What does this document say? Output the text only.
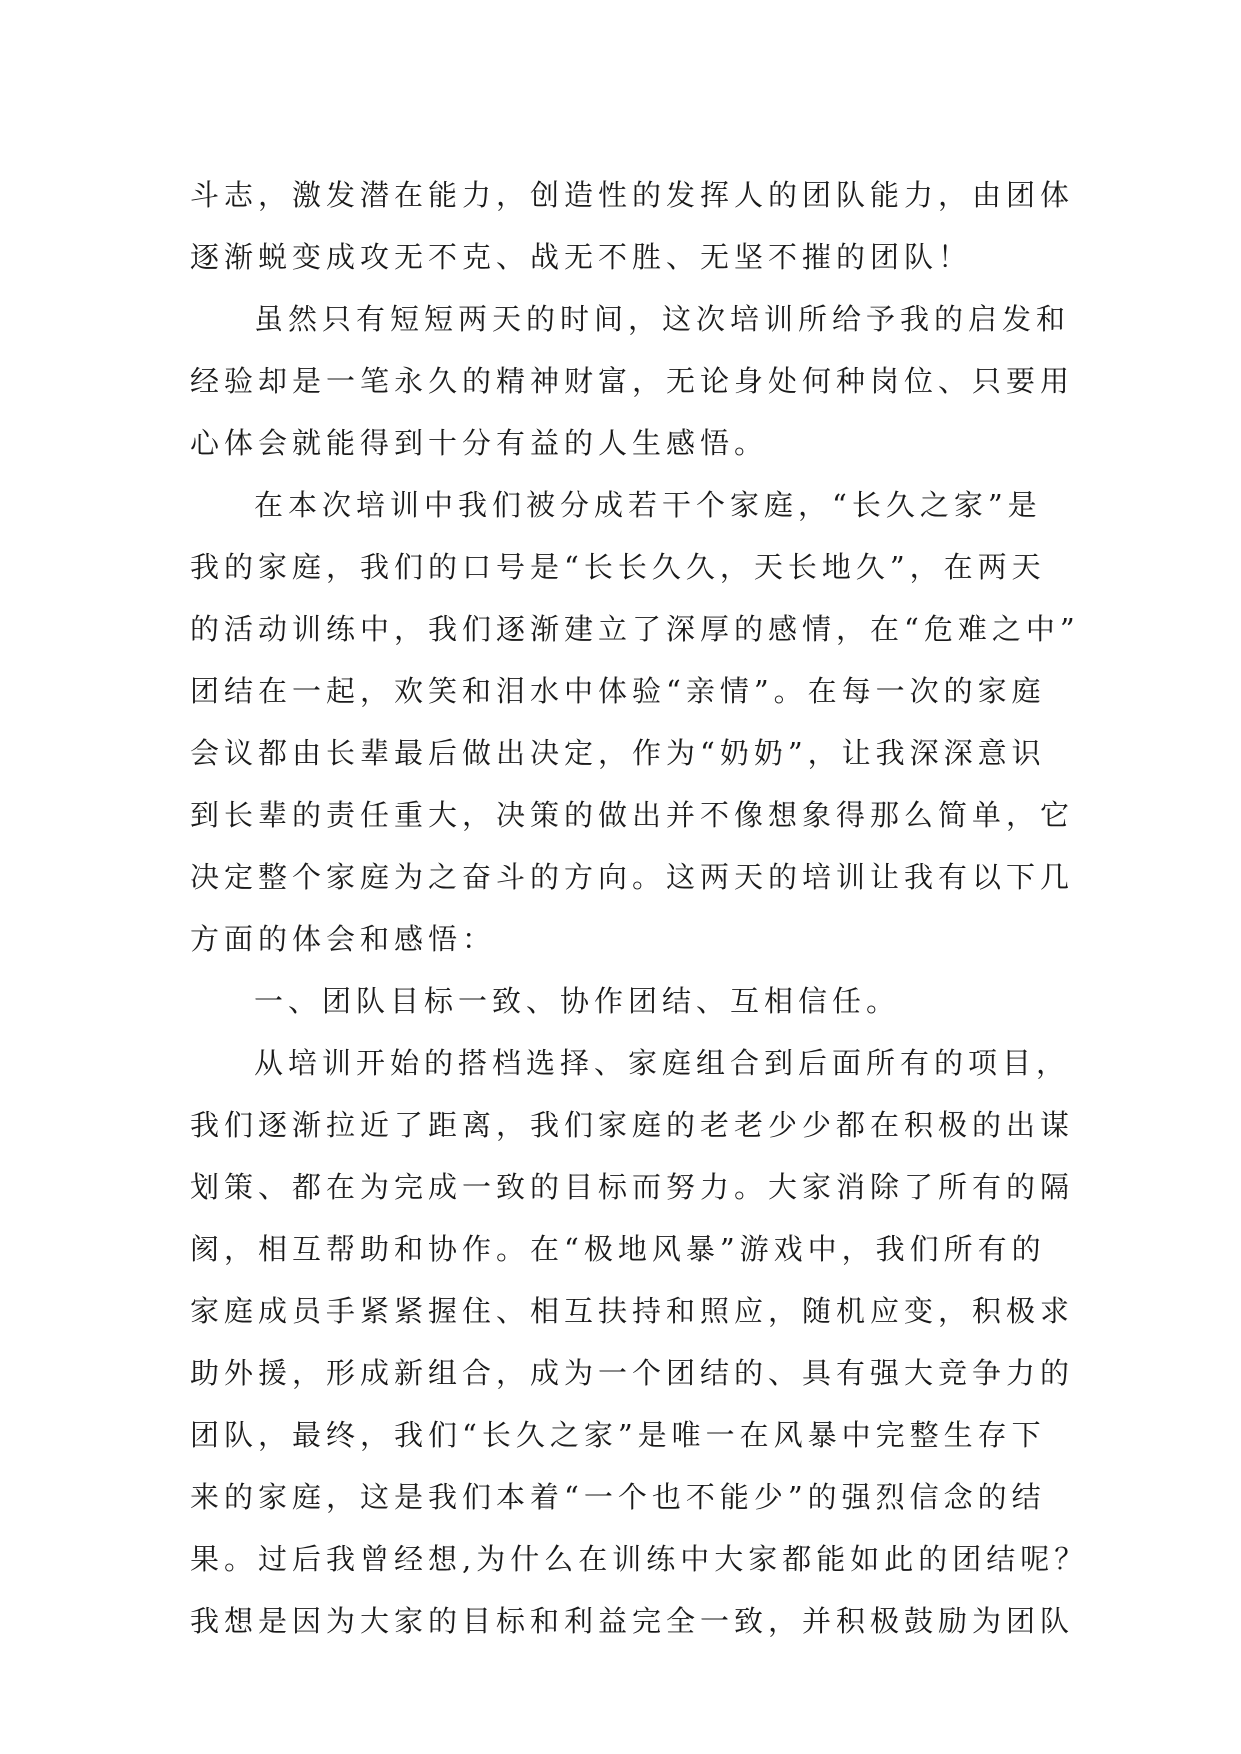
斗志，激发潜在能力，创造性的发挥人的团队能力，由团体
逐渐蜕变成攻无不克、战无不胜、无坚不摧的团队！
虽然只有短短两天的时间，这次培训所给予我的启发和
经验却是一笔永久的精神财富，无论身处何种岗位、只要用
心体会就能得到十分有益的人生感悟。
在本次培训中我们被分成若干个家庭，“长久之家”是
我的家庭，我们的口号是“长长久久，天长地久”，在两天
的活动训练中，我们逐渐建立了深厚的感情，在“危难之中”
团结在一起，欢笑和泪水中体验“亲情”。在每一次的家庭
会议都由长辈最后做出决定，作为“奶奶”，让我深深意识
到长辈的责任重大，决策的做出并不像想象得那么简单，它
决定整个家庭为之奋斗的方向。这两天的培训让我有以下几
方面的体会和感悟：
一、团队目标一致、协作团结、互相信任。
从培训开始的搭档选择、家庭组合到后面所有的项目，
我们逐渐拉近了距离，我们家庭的老老少少都在积极的出谋
划策、都在为完成一致的目标而努力。大家消除了所有的隔
阂，相互帮助和协作。在“极地风暴”游戏中，我们所有的
家庭成员手紧紧握住、相互扶持和照应，随机应变，积极求
助外援，形成新组合，成为一个团结的、具有强大竞争力的
团队，最终，我们“长久之家”是唯一在风暴中完整生存下
来的家庭，这是我们本着“一个也不能少”的强烈信念的结
果。过后我曾经想,为什么在训练中大家都能如此的团结呢？
我想是因为大家的目标和利益完全一致，并积极鼓励为团队
